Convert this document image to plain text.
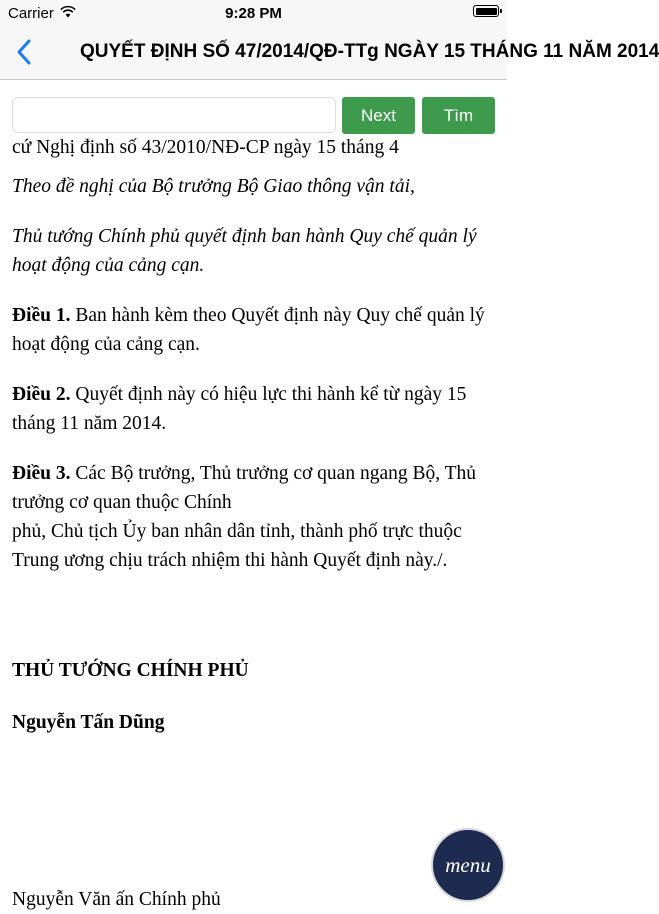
Carrier	9:28 PM
QUYẾT ĐỊNH SỐ 47/2014/QĐ-TTg NGÀY 15 THÁNG 11 NĂM 2014
Next	Tìm

cứ Nghị định số 43/2010/NĐ-CP ngày 15 tháng 4

Theo đề nghị của Bộ trưởng Bộ Giao thông vận tải,

Thủ tướng Chính phủ quyết định ban hành Quy chế quản lý hoạt động của cảng cạn.

Điều 1. Ban hành kèm theo Quyết định này Quy chế quản lý hoạt động của cảng cạn.

Điều 2. Quyết định này có hiệu lực thi hành kể từ ngày 15 tháng 11 năm 2014.

Điều 3. Các Bộ trưởng, Thủ trưởng cơ quan ngang Bộ, Thủ trưởng cơ quan thuộc Chính
phủ, Chủ tịch Ủy ban nhân dân tỉnh, thành phố trực thuộc Trung ương chịu trách nhiệm thi hành Quyết định này./.

THỦ TƯỚNG CHÍNH PHỦ

Nguyễn Tấn Dũng

Nguyễn Văn ấn Chính phủ
menu
